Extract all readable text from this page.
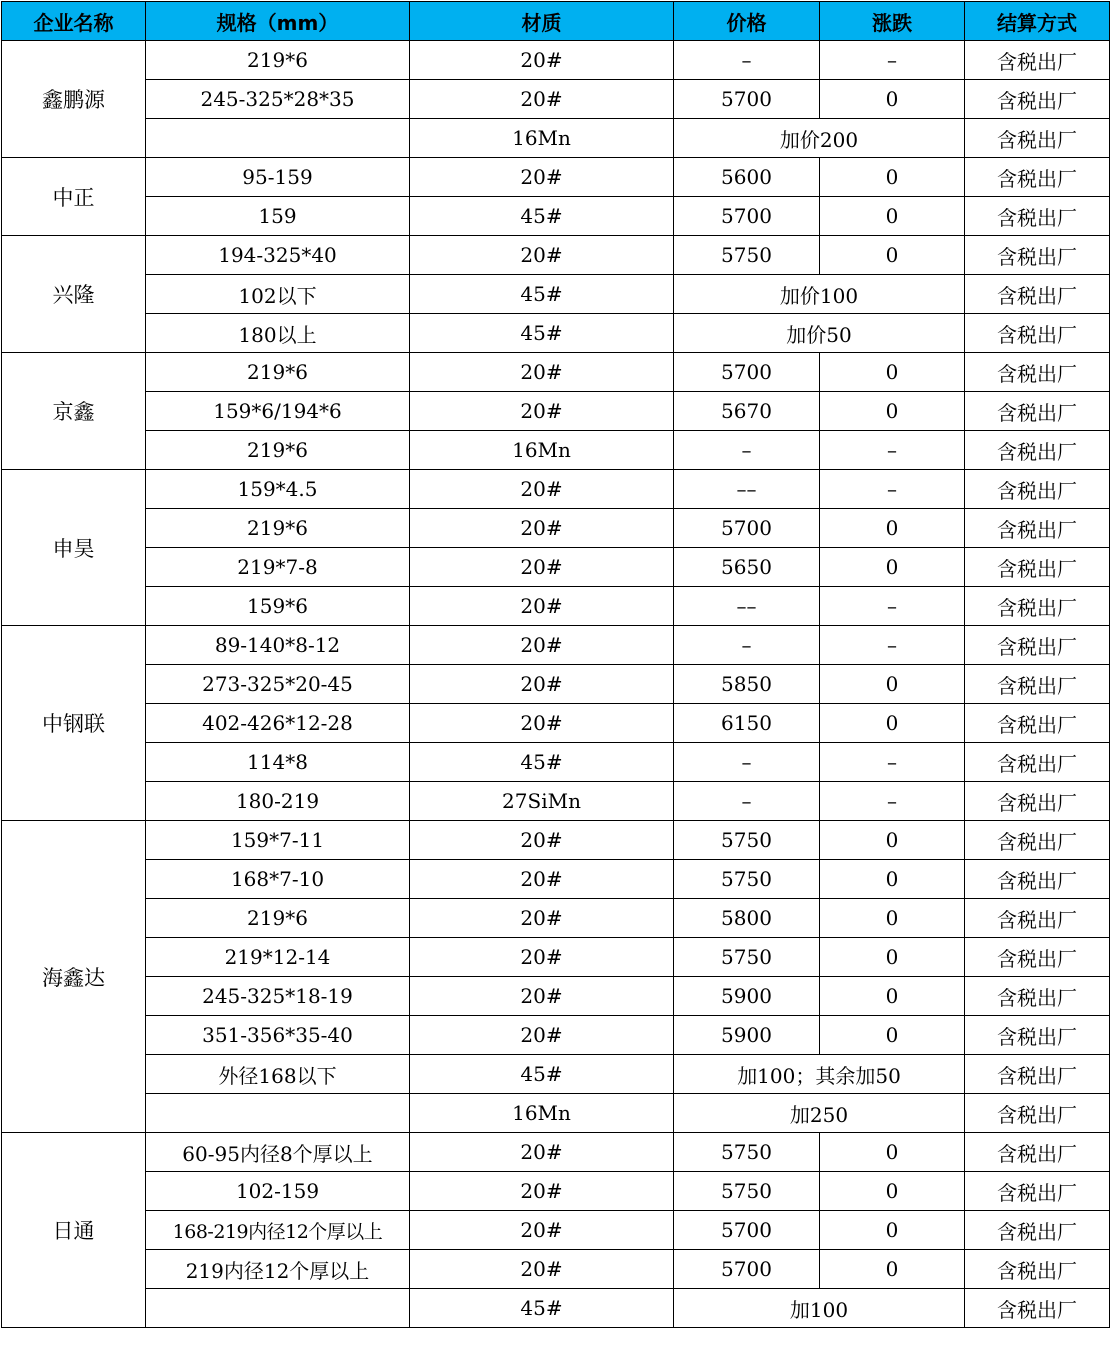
企业名称	规格（mm）	材质	价格	涨跌	结算方式
鑫鹏源	219*6	20#	–	–	含税出厂
	245-325*28*35	20#	5700	0	含税出厂
		16Mn	加价200		含税出厂
中正	95-159	20#	5600	0	含税出厂
	159	45#	5700	0	含税出厂
兴隆	194-325*40	20#	5750	0	含税出厂
	102以下	45#	加价100		含税出厂
	180以上	45#	加价50		含税出厂
京鑫	219*6	20#	5700	0	含税出厂
	159*6/194*6	20#	5670	0	含税出厂
	219*6	16Mn	–	–	含税出厂
申昊	159*4.5	20#	––	–	含税出厂
	219*6	20#	5700	0	含税出厂
	219*7-8	20#	5650	0	含税出厂
	159*6	20#	––	–	含税出厂
中钢联	89-140*8-12	20#	–	–	含税出厂
	273-325*20-45	20#	5850	0	含税出厂
	402-426*12-28	20#	6150	0	含税出厂
	114*8	45#	–	–	含税出厂
	180-219	27SiMn	–	–	含税出厂
海鑫达	159*7-11	20#	5750	0	含税出厂
	168*7-10	20#	5750	0	含税出厂
	219*6	20#	5800	0	含税出厂
	219*12-14	20#	5750	0	含税出厂
	245-325*18-19	20#	5900	0	含税出厂
	351-356*35-40	20#	5900	0	含税出厂
	外径168以下	45#	加100；其余加50		含税出厂
		16Mn	加250		含税出厂
日通	60-95内径8个厚以上	20#	5750	0	含税出厂
	102-159	20#	5750	0	含税出厂
	168-219内径12个厚以上	20#	5700	0	含税出厂
	219内径12个厚以上	20#	5700	0	含税出厂
		45#	加100		含税出厂
